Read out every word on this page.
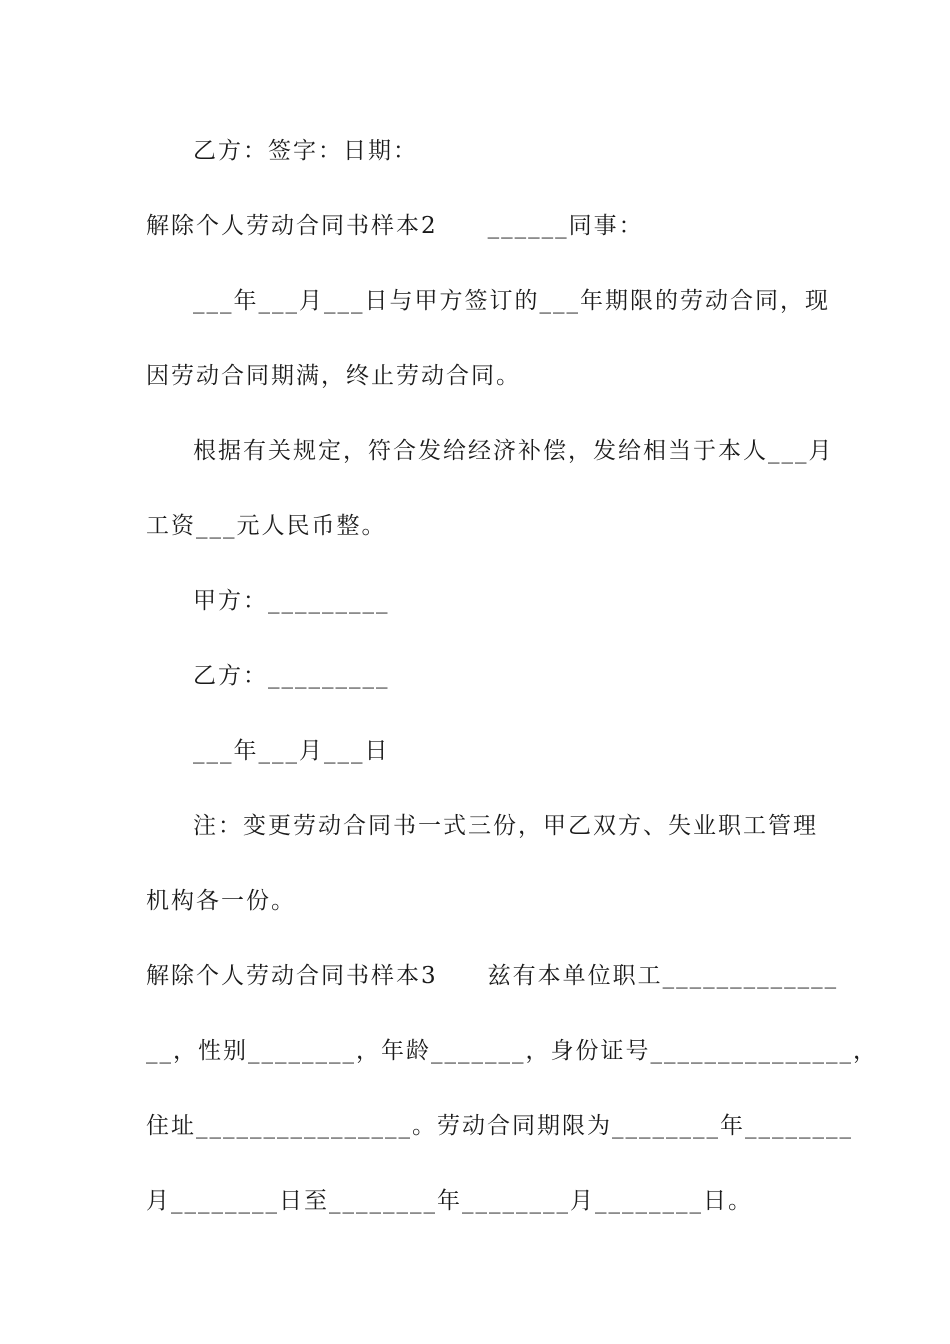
乙方：签字：日期：
解除个人劳动合同书样本2　　______同事：
___年___月___日与甲方签订的___年期限的劳动合同，现
因劳动合同期满，终止劳动合同。
根据有关规定，符合发给经济补偿，发给相当于本人___月
工资___元人民币整。
甲方：_________
乙方：_________
___年___月___日
注：变更劳动合同书一式三份，甲乙双方、失业职工管理
机构各一份。
解除个人劳动合同书样本3　　兹有本单位职工_____________
__，性别________，年龄_______，身份证号_______________，
住址________________。劳动合同期限为________年________
月________日至________年________月________日。
